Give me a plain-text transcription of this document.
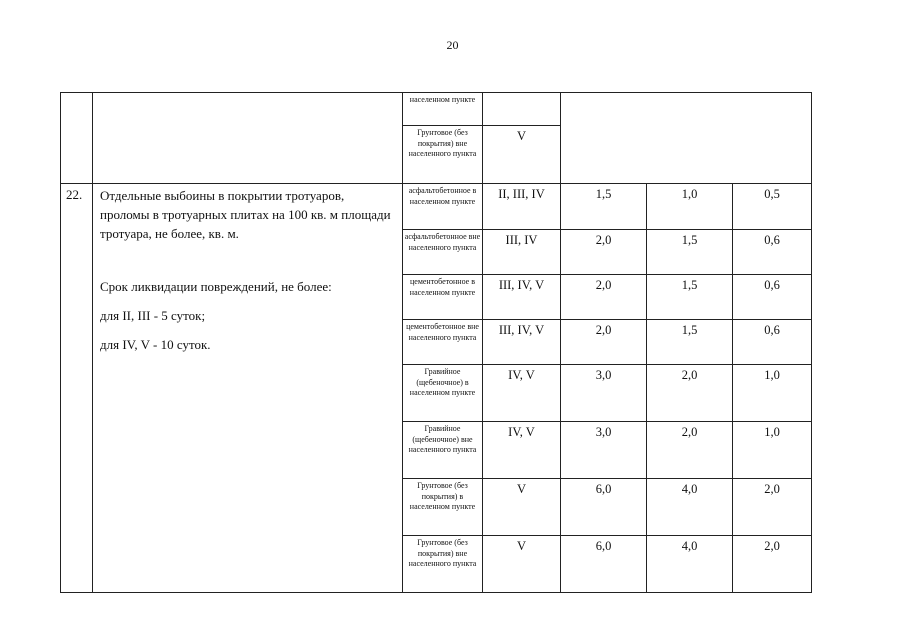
20
		населенном пункте				
		Грунтовое (без покрытия) вне населенного пункта	V			
22.	Отдельные выбоины в покрытии тротуаров, проломы в тротуарных плитах на 100 кв. м площади тротуара, не более, кв. м.

Срок ликвидации повреждений, не более:

для II, III - 5 суток;

для IV, V - 10 суток.	асфальтобетонное в населенном пункте	II, III, IV	1,5	1,0	0,5
		асфальтобетонное вне населенного пункта	III, IV	2,0	1,5	0,6
		цементобетонное в населенном пункте	III, IV, V	2,0	1,5	0,6
		цементобетонное вне населенного пункта	III, IV, V	2,0	1,5	0,6
		Гравийное (щебеночное) в населенном пункте	IV, V	3,0	2,0	1,0
		Гравийное (щебеночное) вне населенного пункта	IV, V	3,0	2,0	1,0
		Грунтовое (без покрытия) в населенном пункте	V	6,0	4,0	2,0
		Грунтовое (без покрытия) вне населенного пункта	V	6,0	4,0	2,0
